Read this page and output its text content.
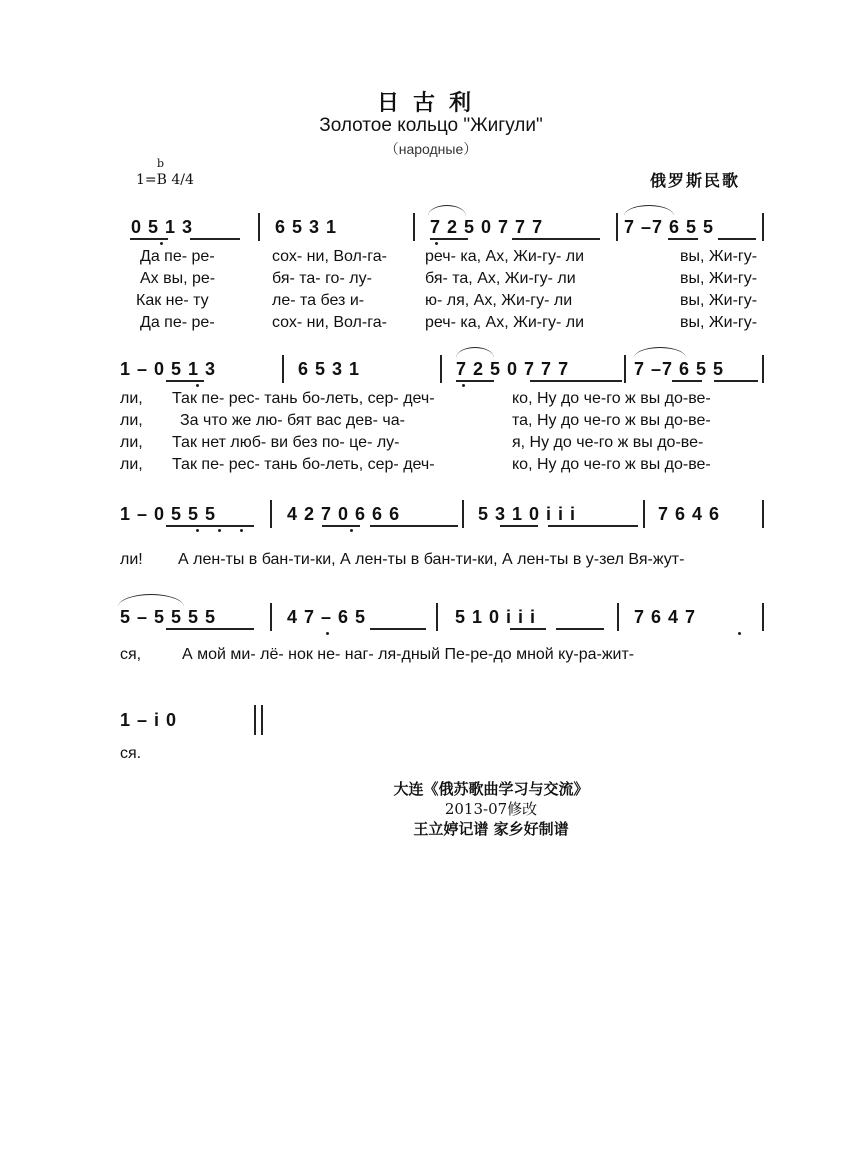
日古利
Золотое кольцо "Жигули"
（народные）
b
1=B 4/4	俄罗斯民歌
0 5 1 3	6 5 3 1	7 2 5 0 7 7 7	7 –7 6 5 5
Да пе- ре-	сох- ни, Вол-га- реч- ка, Ах, Жи-гу- ли	вы, Жи-гу-
Ах вы, ре-	бя- та- го- лу-	бя- та, Ах, Жи-гу- ли	вы, Жи-гу-
Как не- ту	ле- та без и-	ю- ля, Ах, Жи-гу- ли	вы, Жи-гу-
Да пе- ре-	сох- ни, Вол-га- реч- ка, Ах, Жи-гу- ли	вы, Жи-гу-
1 – 0 5 1 3	6 5 3 1	7 2 5 0 7 7 7	7 –7 6 5 5
ли, Так пе- рес- тань бо-леть, сер- деч-	ко, Ну до че-го ж вы до-ве-
ли, За что же лю- бят вас дев- ча-	та, Ну до че-го ж вы до-ве-
ли, Так нет люб- ви без по- це- лу-	я, Ну до че-го ж вы до-ве-
ли, Так пе- рес- тань бо-леть, сер- деч-	ко, Ну до че-го ж вы до-ве-
1 – 0 5 5 5	4 2 7 0 6 6 6	5 3 1 0 i i i	7 6 4 6
ли! А лен-ты в бан-ти-ки, А лен-ты в бан-ти-ки, А лен-ты в у-зел Вя-жут-
5 – 5 5 5 5	4 7 – 6 5	5 1 0 i i i	7 6 4 7
ся,	А мой ми- лё- нок не- наг- ля-дный Пе-ре-до мной ку-ра-жит-
1 – i 0
ся.
大连《俄苏歌曲学习与交流》
2013-07修改
王立婷记谱 家乡好制谱
